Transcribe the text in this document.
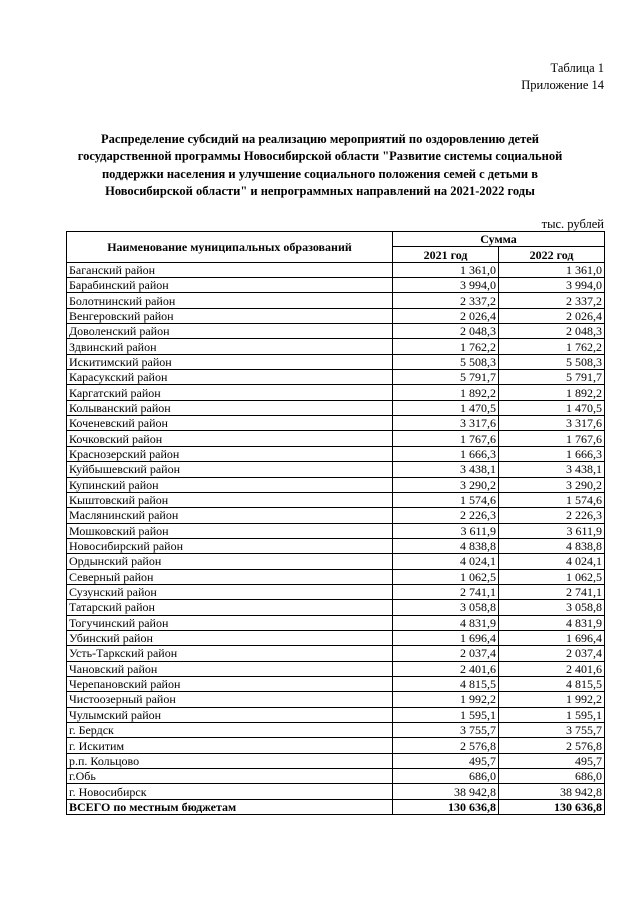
Таблица 1
Приложение 14
Распределение субсидий на реализацию мероприятий по оздоровлению детей государственной программы Новосибирской области "Развитие системы социальной поддержки населения и улучшение социального положения семей с детьми в Новосибирской области" и непрограммных направлений на 2021-2022 годы
тыс. рублей
Наименование муниципальных образований	Сумма	
	2021 год	2022 год
Баганский район	1 361,0	1 361,0
Барабинский район	3 994,0	3 994,0
Болотнинский район	2 337,2	2 337,2
Венгеровский район	2 026,4	2 026,4
Доволенский район	2 048,3	2 048,3
Здвинский район	1 762,2	1 762,2
Искитимский район	5 508,3	5 508,3
Карасукский район	5 791,7	5 791,7
Каргатский район	1 892,2	1 892,2
Колыванский район	1 470,5	1 470,5
Коченевский район	3 317,6	3 317,6
Кочковский район	1 767,6	1 767,6
Краснозерский район	1 666,3	1 666,3
Куйбышевский район	3 438,1	3 438,1
Купинский район	3 290,2	3 290,2
Кыштовский район	1 574,6	1 574,6
Маслянинский район	2 226,3	2 226,3
Мошковский район	3 611,9	3 611,9
Новосибирский район	4 838,8	4 838,8
Ордынский район	4 024,1	4 024,1
Северный район	1 062,5	1 062,5
Сузунский район	2 741,1	2 741,1
Татарский район	3 058,8	3 058,8
Тогучинский район	4 831,9	4 831,9
Убинский район	1 696,4	1 696,4
Усть-Таркский район	2 037,4	2 037,4
Чановский район	2 401,6	2 401,6
Черепановский район	4 815,5	4 815,5
Чистоозерный район	1 992,2	1 992,2
Чулымский район	1 595,1	1 595,1
г. Бердск	3 755,7	3 755,7
г. Искитим	2 576,8	2 576,8
р.п. Кольцово	495,7	495,7
г.Обь	686,0	686,0
г. Новосибирск	38 942,8	38 942,8
ВСЕГО по местным бюджетам	130 636,8	130 636,8
